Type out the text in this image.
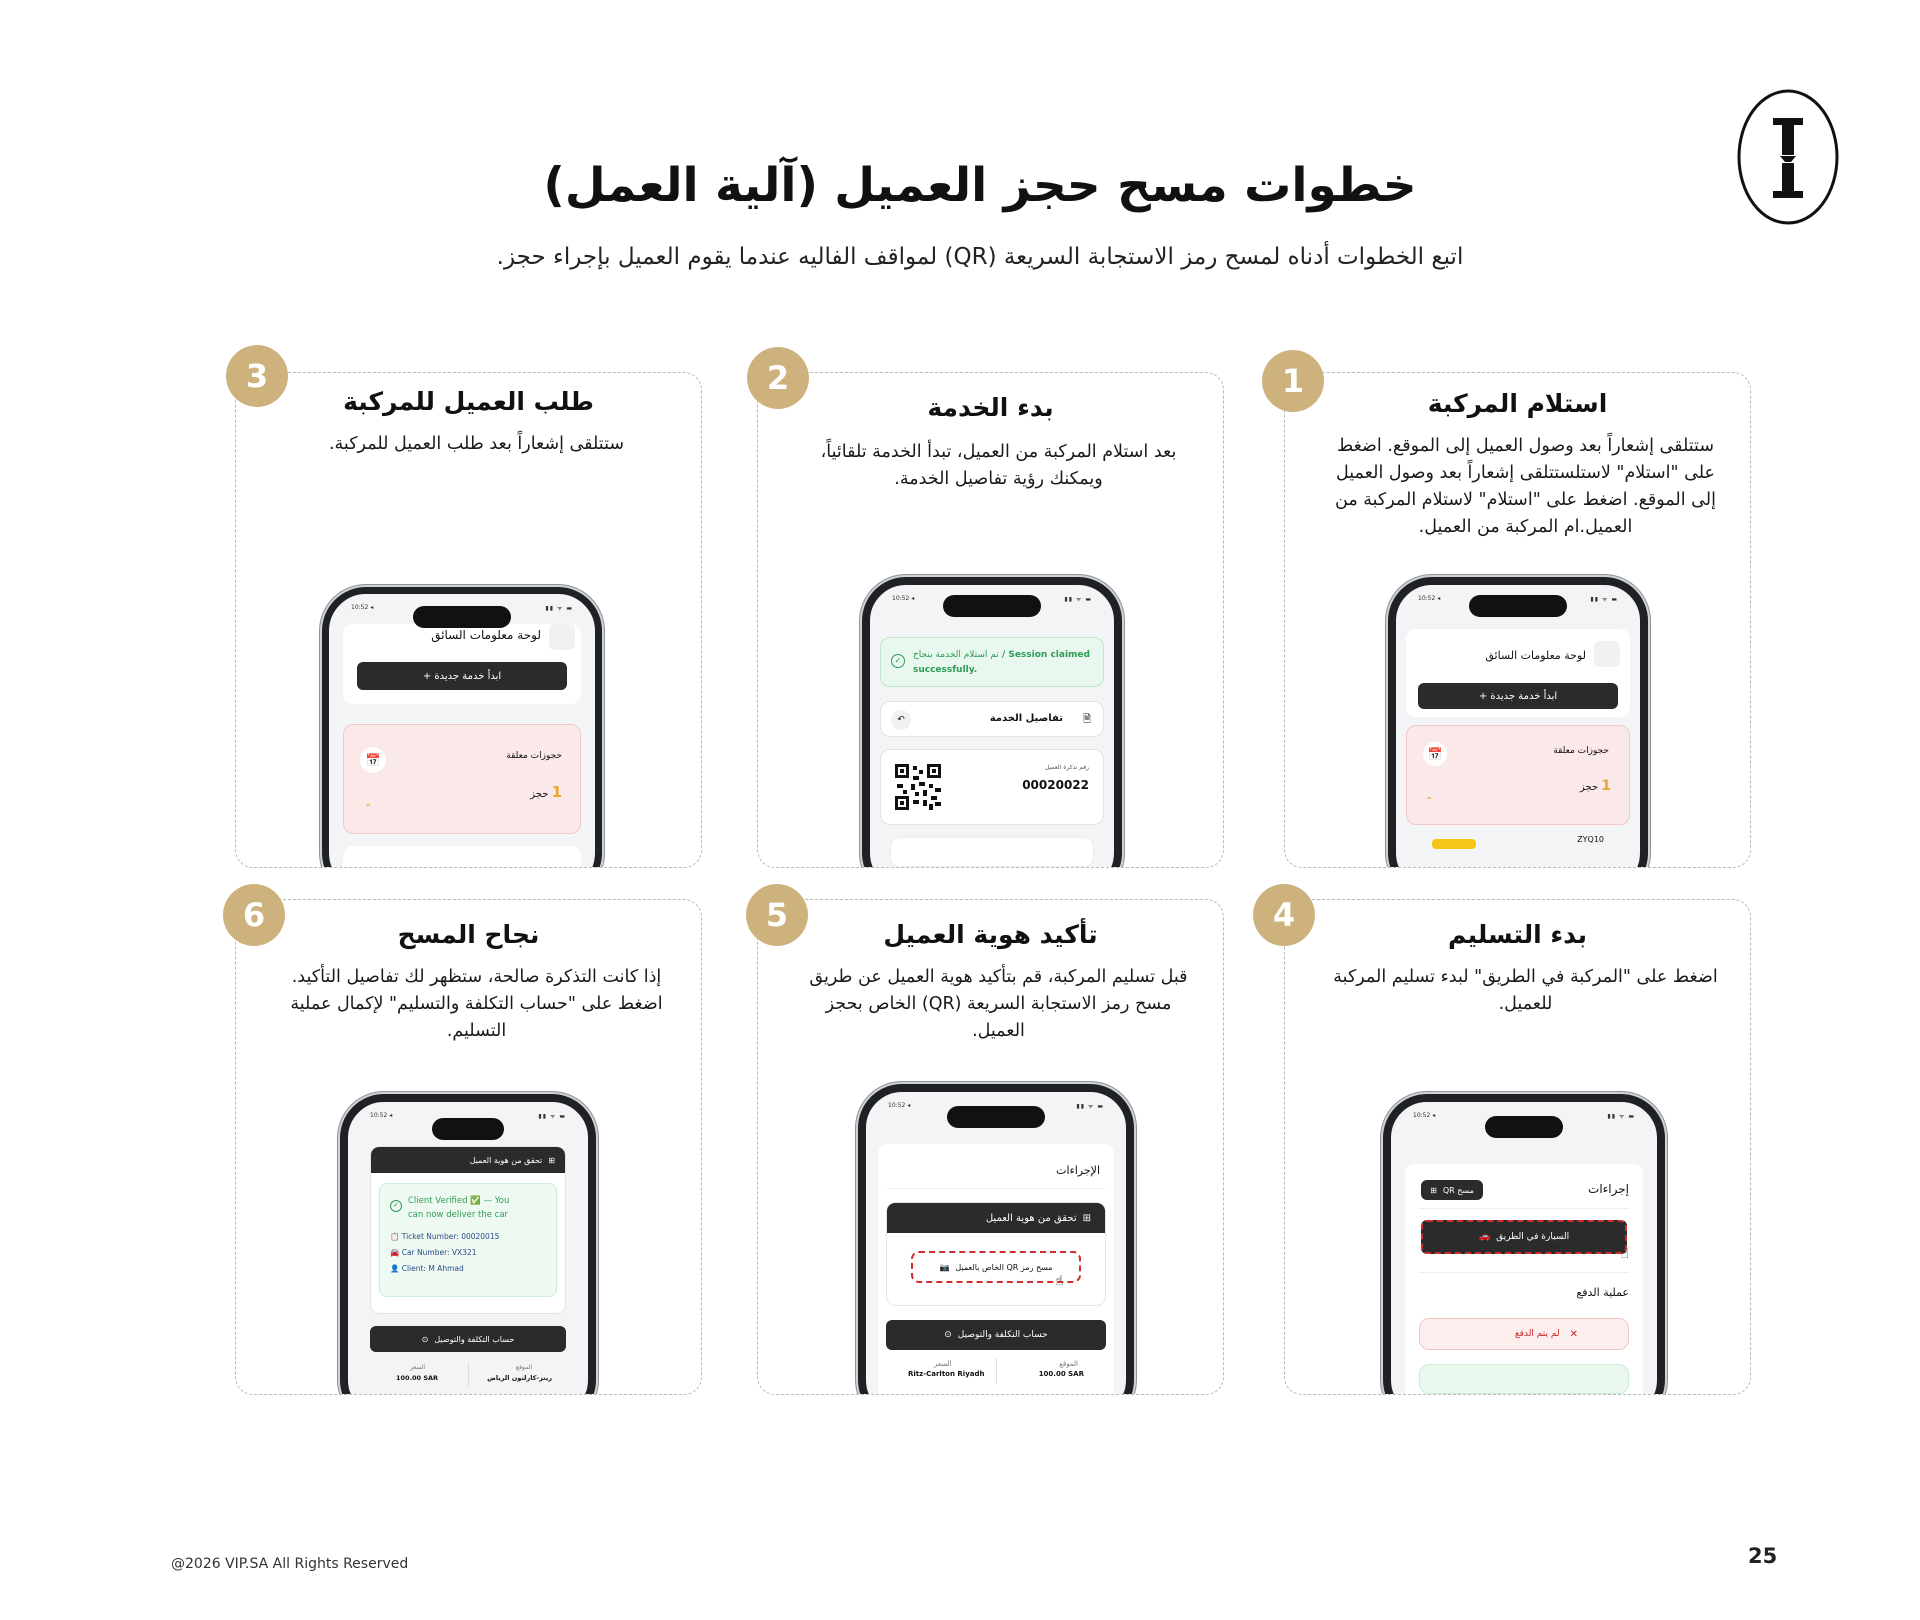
خطوات مسح حجز العميل (آلية العمل)
اتبع الخطوات أدناه لمسح رمز الاستجابة السريعة (QR) لمواقف الفاليه عندما يقوم العميل بإجراء حجز.
استلام المركبة
ستتلقى إشعاراً بعد وصول العميل إلى الموقع. اضغط على "استلام" لاستلستتلقى إشعاراً بعد وصول العميل إلى الموقع. اضغط على "استلام" لاستلام المركبة من العميل.ام المركبة من العميل.
10:52 ◂	▮▮ ᯤ ▬
لوحة معلومات السائق
ابدأ خدمة جديدة +
📅	حجوزات معلقة
1 حجز
⌃
ZYQ10
1
بدء الخدمة
بعد استلام المركبة من العميل، تبدأ الخدمة تلقائياً، ويمكنك رؤية تفاصيل الخدمة.
10:52 ◂	▮▮ ᯤ ▬
✓
تم استلام الخدمة بنجاح / Session claimed successfully.
↶	تفاصيل الخدمة 🗎
رقم تذكرة العميل
00020022
2
طلب العميل للمركبة
ستتلقى إشعاراً بعد طلب العميل للمركبة.
10:52 ◂	▮▮ ᯤ ▬
لوحة معلومات السائق
ابدأ خدمة جديدة +
📅	حجوزات معلقة
1 حجز
⌃
3
بدء التسليم
اضغط على "المركبة في الطريق" لبدء تسليم المركبة للعميل.
10:52 ◂	▮▮ ᯤ ▬
إجراءات
مسح QR
⊞
السيارة في الطريق
🚗
☝
عملية الدفع
✕
لم يتم الدفع
4
تأكيد هوية العميل
قبل تسليم المركبة، قم بتأكيد هوية العميل عن طريق مسح رمز الاستجابة السريعة (QR) الخاص بحجز العميل.
10:52 ◂	▮▮ ᯤ ▬
الإجراءات
⊞
تحقق من هوية العميل
مسح رمز QR الخاص بالعميل
📷
☝
حساب التكلفة والتوصيل
⊙
الموقع
100.00 SAR
السعر
Ritz-Carlton Riyadh
5
نجاح المسح
إذا كانت التذكرة صالحة، ستظهر لك تفاصيل التأكيد. اضغط على "حساب التكلفة والتسليم" لإكمال عملية التسليم.
10:52 ◂	▮▮ ᯤ ▬
⊞
تحقق من هوية العميل
✓	Client Verified ✅ — You
can now deliver the car
📋 Ticket Number: 00020015
🚘 Car Number: VX321
👤 Client: M Ahmad
حساب التكلفة والتوصيل
⊙
الموقع
ريتز-كارلتون الرياض
السعر
100.00 SAR
6
@2026 VIP.SA All Rights Reserved	25
